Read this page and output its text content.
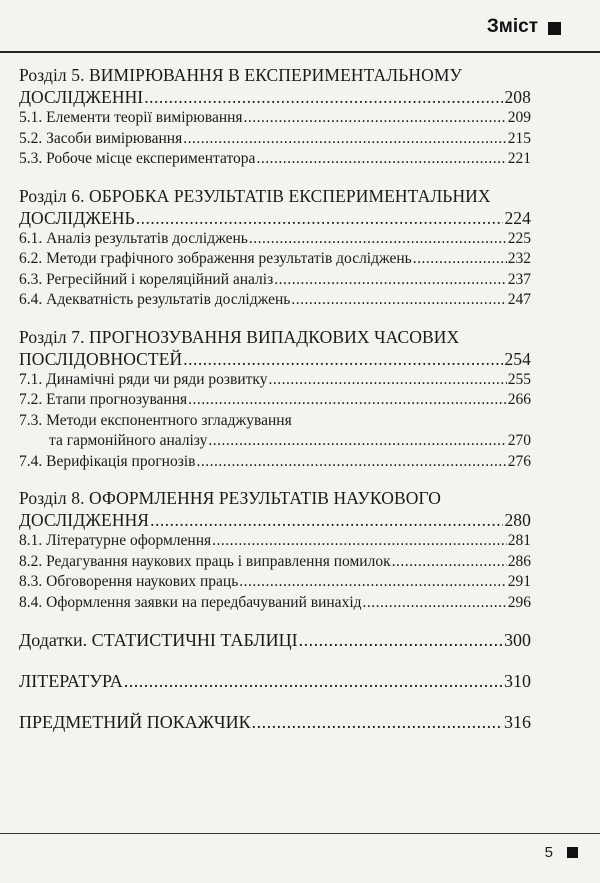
Зміст
Розділ 5. ВИМІРЮВАННЯ В ЕКСПЕРИМЕНТАЛЬНОМУ
ДОСЛІДЖЕННІ .....	208
5.1. Елементи теорії вимірювання .....	209
5.2. Засоби вимірювання .....	215
5.3. Робоче місце експериментатора .....	221
Розділ 6. ОБРОБКА РЕЗУЛЬТАТІВ ЕКСПЕРИМЕНТАЛЬНИХ
ДОСЛІДЖЕНЬ .....	224
6.1. Аналіз результатів досліджень .....	225
6.2. Методи графічного зображення результатів досліджень .....	232
6.3. Регресійний і кореляційний аналіз .....	237
6.4. Адекватність результатів досліджень .....	247
Розділ 7. ПРОГНОЗУВАННЯ ВИПАДКОВИХ ЧАСОВИХ
ПОСЛІДОВНОСТЕЙ .....	254
7.1. Динамічні ряди чи ряди розвитку .....	255
7.2. Етапи прогнозування .....	266
7.3. Методи експонентного згладжування
та гармонійного аналізу .....	270
7.4. Верифікація прогнозів .....	276
Розділ 8. ОФОРМЛЕННЯ РЕЗУЛЬТАТІВ НАУКОВОГО
ДОСЛІДЖЕННЯ .....	280
8.1. Літературне оформлення .....	281
8.2. Редагування наукових праць і виправлення помилок .....	286
8.3. Обговорення наукових праць .....	291
8.4. Оформлення заявки на передбачуваний винахід .....	296
Додатки. СТАТИСТИЧНІ ТАБЛИЦІ .....	300
ЛІТЕРАТУРА .....	310
ПРЕДМЕТНИЙ ПОКАЖЧИК .....	316
5
